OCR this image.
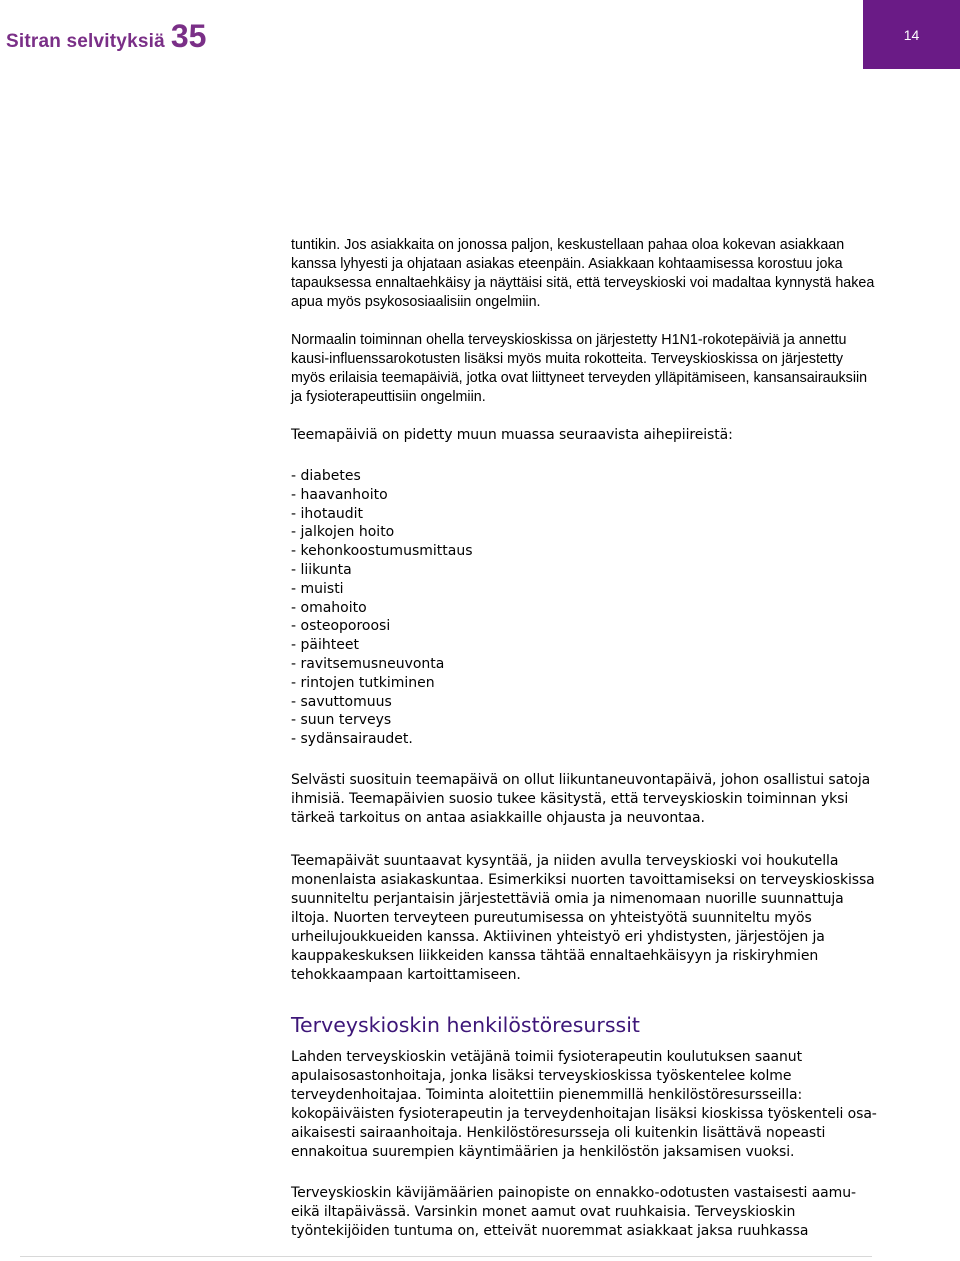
Sitran selvityksiä 35	14

tuntikin. Jos asiakkaita on jonossa paljon, keskustellaan pahaa oloa kokevan asiakkaan kanssa lyhyesti ja ohjataan asiakas eteenpäin. Asiakkaan kohtaamisessa korostuu joka tapauksessa ennaltaehkäisy ja näyttäisi sitä, että terveyskioski voi madaltaa kynnystä hakea apua myös psykososiaalisiin ongelmiin.

Normaalin toiminnan ohella terveyskioskissa on järjestetty H1N1-rokotepäiviä ja annettu kausi-influenssarokotusten lisäksi myös muita rokotteita. Terveyskioskissa on järjestetty myös erilaisia teemapäiviä, jotka ovat liittyneet terveyden ylläpitämiseen, kansansairauksiin ja fysioterapeuttisiin ongelmiin.

Teemapäiviä on pidetty muun muassa seuraavista aihepiireistä:

- diabetes
- haavanhoito
- ihotaudit
- jalkojen hoito
- kehonkoostumusmittaus
- liikunta
- muisti
- omahoito
- osteoporoosi
- päihteet
- ravitsemusneuvonta
- rintojen tutkiminen
- savuttomuus
- suun terveys
- sydänsairaudet.

Selvästi suosituin teemapäivä on ollut liikuntaneuvontapäivä, johon osallistui satoja ihmisiä. Teemapäivien suosio tukee käsitystä, että terveyskioskin toiminnan yksi tärkeä tarkoitus on antaa asiakkaille ohjausta ja neuvontaa.

Teemapäivät suuntaavat kysyntää, ja niiden avulla terveyskioski voi houkutella monenlaista asiakaskuntaa. Esimerkiksi nuorten tavoittamiseksi on terveyskioskissa suunniteltu perjantaisin järjestettäviä omia ja nimenomaan nuorille suunnattuja iltoja. Nuorten terveyteen pureutumisessa on yhteistyötä suunniteltu myös urheilujoukkueiden kanssa. Aktiivinen yhteistyö eri yhdistysten, järjestöjen ja kauppakeskuksen liikkeiden kanssa tähtää ennaltaehkäisyyn ja riskiryhmien tehokkaampaan kartoittamiseen.

Terveyskioskin henkilöstöresurssit

Lahden terveyskioskin vetäjänä toimii fysioterapeutin koulutuksen saanut apulaisosastonhoitaja, jonka lisäksi terveyskioskissa työskentelee kolme terveydenhoitajaa. Toiminta aloitettiin pienemmillä henkilöstöresursseilla: kokopäiväisten fysioterapeutin ja terveydenhoitajan lisäksi kioskissa työskenteli osa-aikaisesti sairaanhoitaja. Henkilöstöresursseja oli kuitenkin lisättävä nopeasti ennakoitua suurempien käyntimäärien ja henkilöstön jaksamisen vuoksi.

Terveyskioskin kävijämäärien painopiste on ennakko-odotusten vastaisesti aamu-eikä iltapäivässä. Varsinkin monet aamut ovat ruuhkaisia. Terveyskioskin työntekijöiden tuntuma on, etteivät nuoremmat asiakkaat jaksa ruuhkassa
